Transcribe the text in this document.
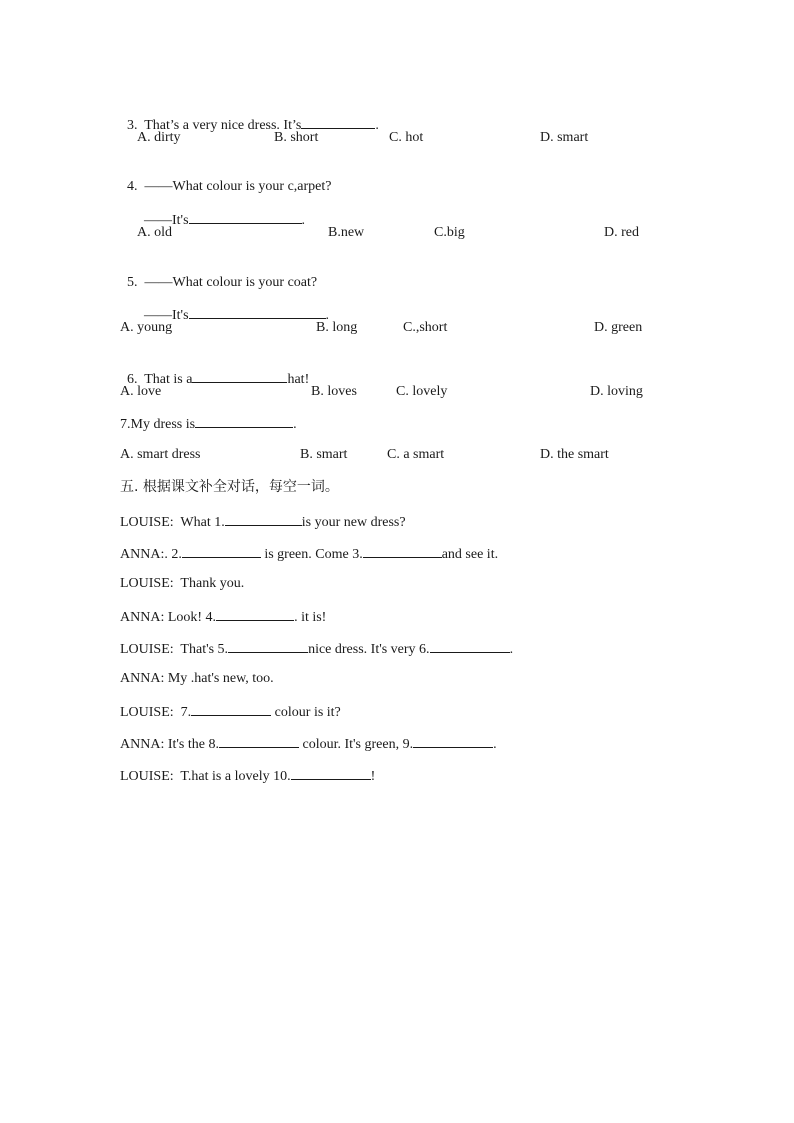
3. That’s a very nice dress. It’s	.

A. dirty	B. short	C. hot	D. smart

4. ——What colour is your c,arpet?

——It's	.

A. old	B.new	C.big	D. red

5. ——What colour is your coat?

——It's	.

A. young	B. long	C.,short	D. green

6. That is a	hat!

A. love	B. loves	C. lovely	D. loving
7.My dress is	.
A. smart dress	B. smart	C. a smart	D. the smart
五. 根据课文补全对话，每空一词。
LOUISE: What 1.	is your new dress?
ANNA:. 2.	is green. Come 3.	and see it.
LOUISE: Thank you.
ANNA: Look! 4.	. it is!
LOUISE: That's 5.	nice dress. It's very 6.	.
ANNA: My .hat's new, too.
LOUISE: 7.	colour is it?
ANNA: It's the 8.	colour. It's green, 9.	.
LOUISE: T.hat is a lovely 10.	!
